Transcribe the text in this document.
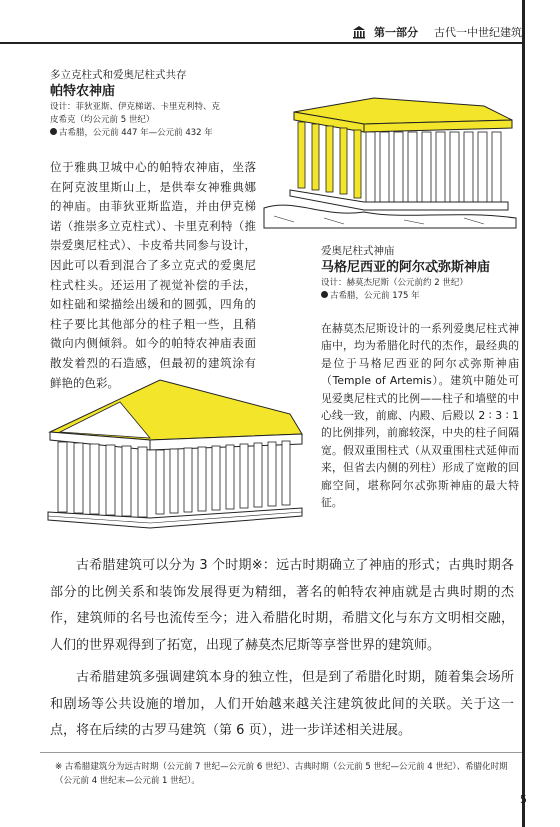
第一部分 古代一中世纪建筑
多立克柱式和爱奥尼柱式共存
帕特农神庙
设计：菲狄亚斯、伊克梯诺、卡里克利特、克
皮希克（均公元前 5 世纪）
古希腊，公元前 447 年—公元前 432 年
位于雅典卫城中心的帕特农神庙，坐落在阿克波里斯山上，是供奉女神雅典娜的神庙。由菲狄亚斯监造，并由伊克梯诺（推崇多立克柱式）、卡里克利特（推崇爱奥尼柱式）、卡皮希共同参与设计，因此可以看到混合了多立克式的爱奥尼柱式柱头。还运用了视觉补偿的手法，如柱础和梁描绘出缓和的圆弧，四角的柱子要比其他部分的柱子粗一些，且稍微向内侧倾斜。如今的帕特农神庙表面散发着烈的石造感，但最初的建筑涂有鲜艳的色彩。
爱奥尼柱式神庙
马格尼西亚的阿尔忒弥斯神庙
设计：赫莫杰尼斯（公元前约 2 世纪）
古希腊，公元前 175 年
在赫莫杰尼斯设计的一系列爱奥尼柱式神庙中，均为希腊化时代的杰作，最经典的是位于马格尼西亚的阿尔忒弥斯神庙（Temple of Artemis）。建筑中随处可见爱奥尼柱式的比例——柱子和墙壁的中心线一致，前廊、内殿、后殿以 2 ∶ 3 ∶ 1 的比例排列，前廊较深，中央的柱子间隔宽。假双重围柱式（从双重围柱式延伸而来，但省去内侧的列柱）形成了宽敞的回廊空间，堪称阿尔忒弥斯神庙的最大特征。

古希腊建筑可以分为 3 个时期※：远古时期确立了神庙的形式；古典时期各部分的比例关系和装饰发展得更为精细，著名的帕特农神庙就是古典时期的杰作，建筑师的名号也流传至今；进入希腊化时期，希腊文化与东方文明相交融，人们的世界观得到了拓宽，出现了赫莫杰尼斯等享誉世界的建筑师。

古希腊建筑多强调建筑本身的独立性，但是到了希腊化时期，随着集会场所和剧场等公共设施的增加，人们开始越来越关注建筑彼此间的关联。关于这一点，将在后续的古罗马建筑（第 6 页），进一步详述相关进展。

※ 古希腊建筑分为远古时期（公元前 7 世纪—公元前 6 世纪）、古典时期（公元前 5 世纪—公元前 4 世纪）、希腊化时期（公元前 4 世纪末—公元前 1 世纪）。
5
